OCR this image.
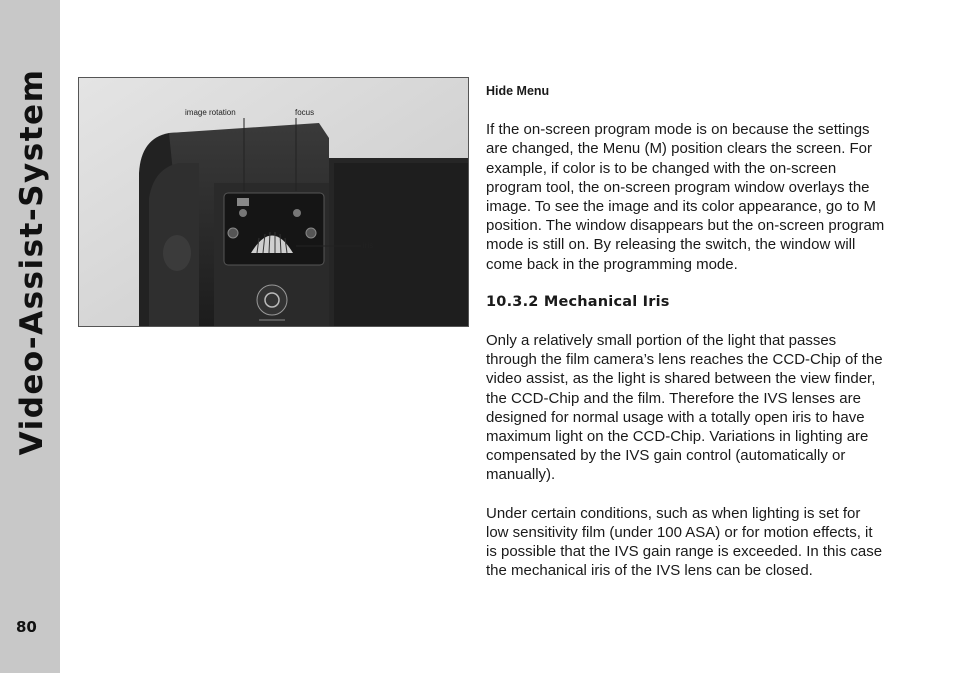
Video-Assist-System
80
image rotation	focus
iris
Hide Menu

If the on-screen program mode is on because the settings are changed, the Menu (M) position clears the screen. For example, if color is to be changed with the on-screen program tool, the on-screen program window overlays the image. To see the image and its color appearance, go to M position. The window disappears but the on-screen program mode is still on. By releasing the switch, the window will come back in the programming mode.

10.3.2 Mechanical Iris

Only a relatively small portion of the light that passes through the film camera’s lens reaches the CCD-Chip of the video assist, as the light is shared between the view finder, the CCD-Chip and the film. Therefore the IVS lenses are designed for normal usage with a totally open iris to have maximum light on the CCD-Chip. Variations in lighting are compensated by the IVS gain control (automatically or manually).

Under certain conditions, such as when lighting is set for low sensitivity film (under 100 ASA) or for motion effects, it is possible that the IVS gain range is exceeded. In this case the mechanical iris of the IVS lens can be closed.
